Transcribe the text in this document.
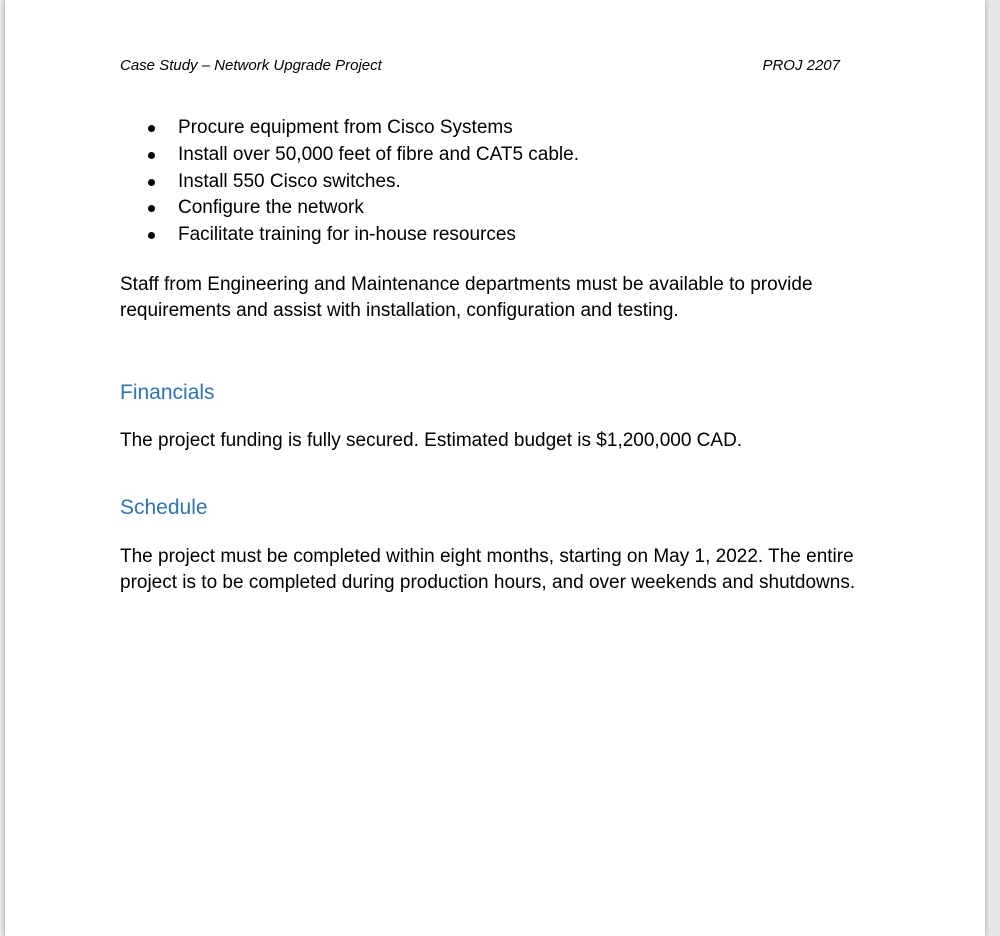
Case Study – Network Upgrade Project	PROJ 2207
Procure equipment from Cisco Systems
Install over 50,000 feet of fibre and CAT5 cable.
Install 550 Cisco switches.
Configure the network
Facilitate training for in-house resources

Staff from Engineering and Maintenance departments must be available to provide
requirements and assist with installation, configuration and testing.

Financials

The project funding is fully secured. Estimated budget is $1,200,000 CAD.

Schedule

The project must be completed within eight months, starting on May 1, 2022. The entire
project is to be completed during production hours, and over weekends and shutdowns.
